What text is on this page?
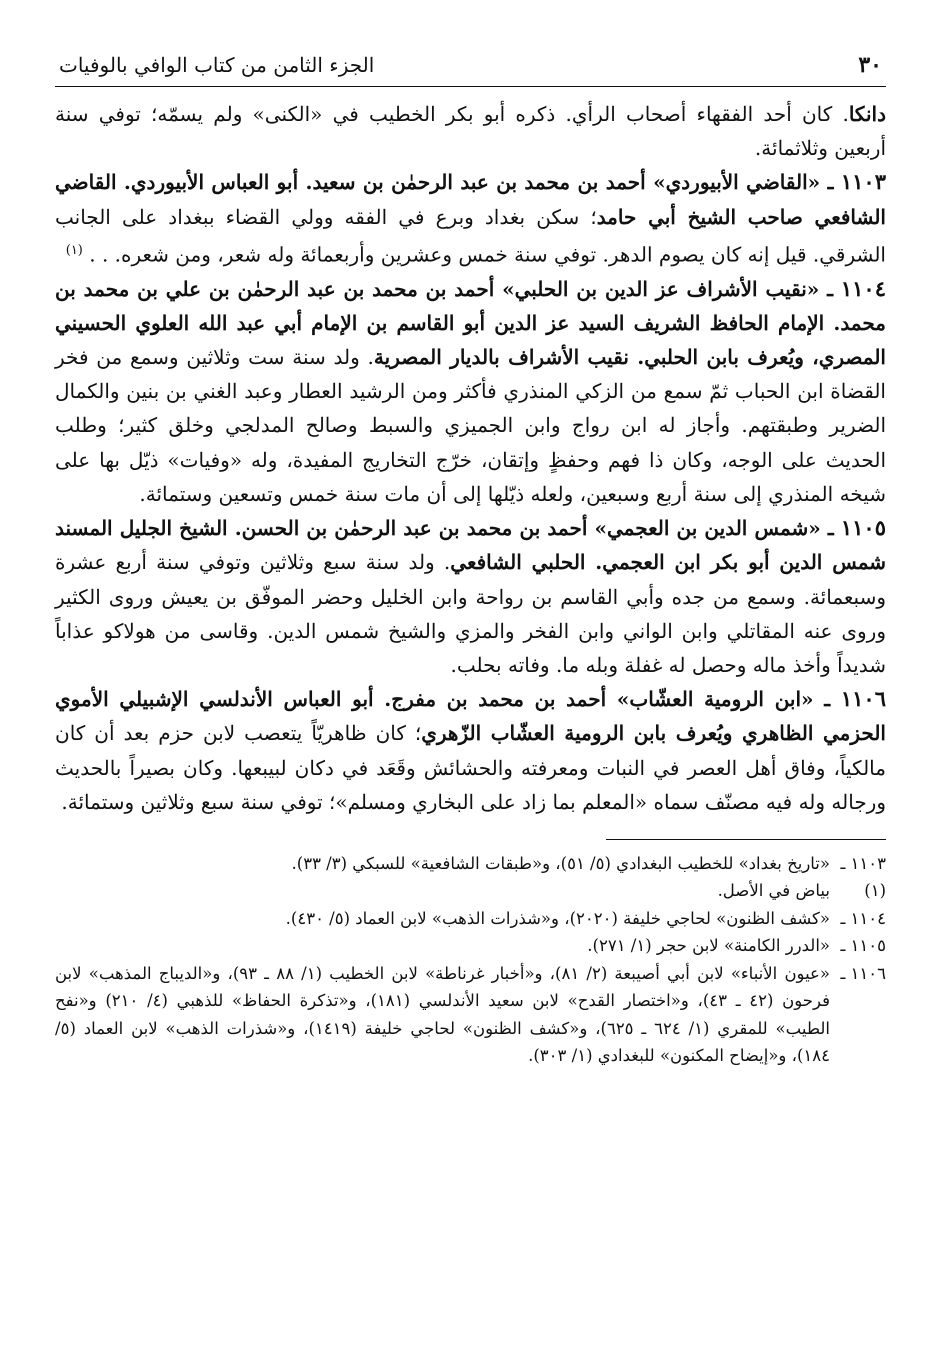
٣٠
الجزء الثامن من كتاب الوافي بالوفيات

دانكا. كان أحد الفقهاء أصحاب الرأي. ذكره أبو بكر الخطيب في «الكنى» ولم يسمّه؛ توفي سنة أربعين وثلاثمائة.

١١٠٣ ـ «القاضي الأبيوردي» أحمد بن محمد بن عبد الرحمٰن بن سعيد. أبو العباس الأبيوردي. القاضي الشافعي صاحب الشيخ أبي حامد؛ سكن بغداد وبرع في الفقه وولي القضاء ببغداد على الجانب الشرقي. قيل إنه كان يصوم الدهر. توفي سنة خمس وعشرين وأربعمائة وله شعر، ومن شعره. . . $^{(١)}$

١١٠٤ ـ «نقيب الأشراف عز الدين بن الحلبي» أحمد بن محمد بن عبد الرحمٰن بن علي بن محمد بن محمد. الإمام الحافظ الشريف السيد عز الدين أبو القاسم بن الإمام أبي عبد الله العلوي الحسيني المصري، ويُعرف بابن الحلبي. نقيب الأشراف بالديار المصرية. ولد سنة ست وثلاثين وسمع من فخر القضاة ابن الحباب ثمّ سمع من الزكي المنذري فأكثر ومن الرشيد العطار وعبد الغني بن بنين والكمال الضرير وطبقتهم. وأجاز له ابن رواج وابن الجميزي والسبط وصالح المدلجي وخلق كثير؛ وطلب الحديث على الوجه، وكان ذا فهم وحفظٍ وإتقان، خرّج التخاريج المفيدة، وله «وفيات» ذيّل بها على شيخه المنذري إلى سنة أربع وسبعين، ولعله ذيّلها إلى أن مات سنة خمس وتسعين وستمائة.

١١٠٥ ـ «شمس الدين بن العجمي» أحمد بن محمد بن عبد الرحمٰن بن الحسن. الشيخ الجليل المسند شمس الدين أبو بكر ابن العجمي. الحلبي الشافعي. ولد سنة سبع وثلاثين وتوفي سنة أربع عشرة وسبعمائة. وسمع من جده وأبي القاسم بن رواحة وابن الخليل وحضر الموفّق بن يعيش وروى الكثير وروى عنه المقاتلي وابن الواني وابن الفخر والمزي والشيخ شمس الدين. وقاسى من هولاكو عذاباً شديداً وأخذ ماله وحصل له غفلة وبله ما. وفاته بحلب.

١١٠٦ ـ «ابن الرومية العشّاب» أحمد بن محمد بن مفرج. أبو العباس الأندلسي الإشبيلي الأموي الحزمي الظاهري ويُعرف بابن الرومية العشّاب الزّهري؛ كان ظاهريّاً يتعصب لابن حزم بعد أن كان مالكياً، وفاق أهل العصر في النبات ومعرفته والحشائش وقَعَد في دكان لبيبعها. وكان بصيراً بالحديث ورجاله وله فيه مصنّف سماه «المعلم بما زاد على البخاري ومسلم»؛ توفي سنة سبع وثلاثين وستمائة.

١١٠٣ ـ
«تاريخ بغداد» للخطيب البغدادي (٥/ ٥١)، و«طبقات الشافعية» للسبكي (٣/ ٣٣).
(١)
بياض في الأصل.
١١٠٤ ـ
«كشف الظنون» لحاجي خليفة (٢٠٢٠)، و«شذرات الذهب» لابن العماد (٥/ ٤٣٠).
١١٠٥ ـ
«الدرر الكامنة» لابن حجر (١/ ٢٧١).
١١٠٦ ـ
«عيون الأنباء» لابن أبي أصيبعة (٢/ ٨١)، و«أخبار غرناطة» لابن الخطيب (١/ ٨٨ ـ ٩٣)، و«الديباج المذهب» لابن فرحون (٤٢ ـ ٤٣)، و«اختصار القدح» لابن سعيد الأندلسي (١٨١)، و«تذكرة الحفاظ» للذهبي (٤/ ٢١٠) و«نفح الطيب» للمقري (١/ ٦٢٤ ـ ٦٢٥)، و«كشف الظنون» لحاجي خليفة (١٤١٩)، و«شذرات الذهب» لابن العماد (٥/ ١٨٤)، و«إيضاح المكنون» للبغدادي (١/ ٣٠٣).
